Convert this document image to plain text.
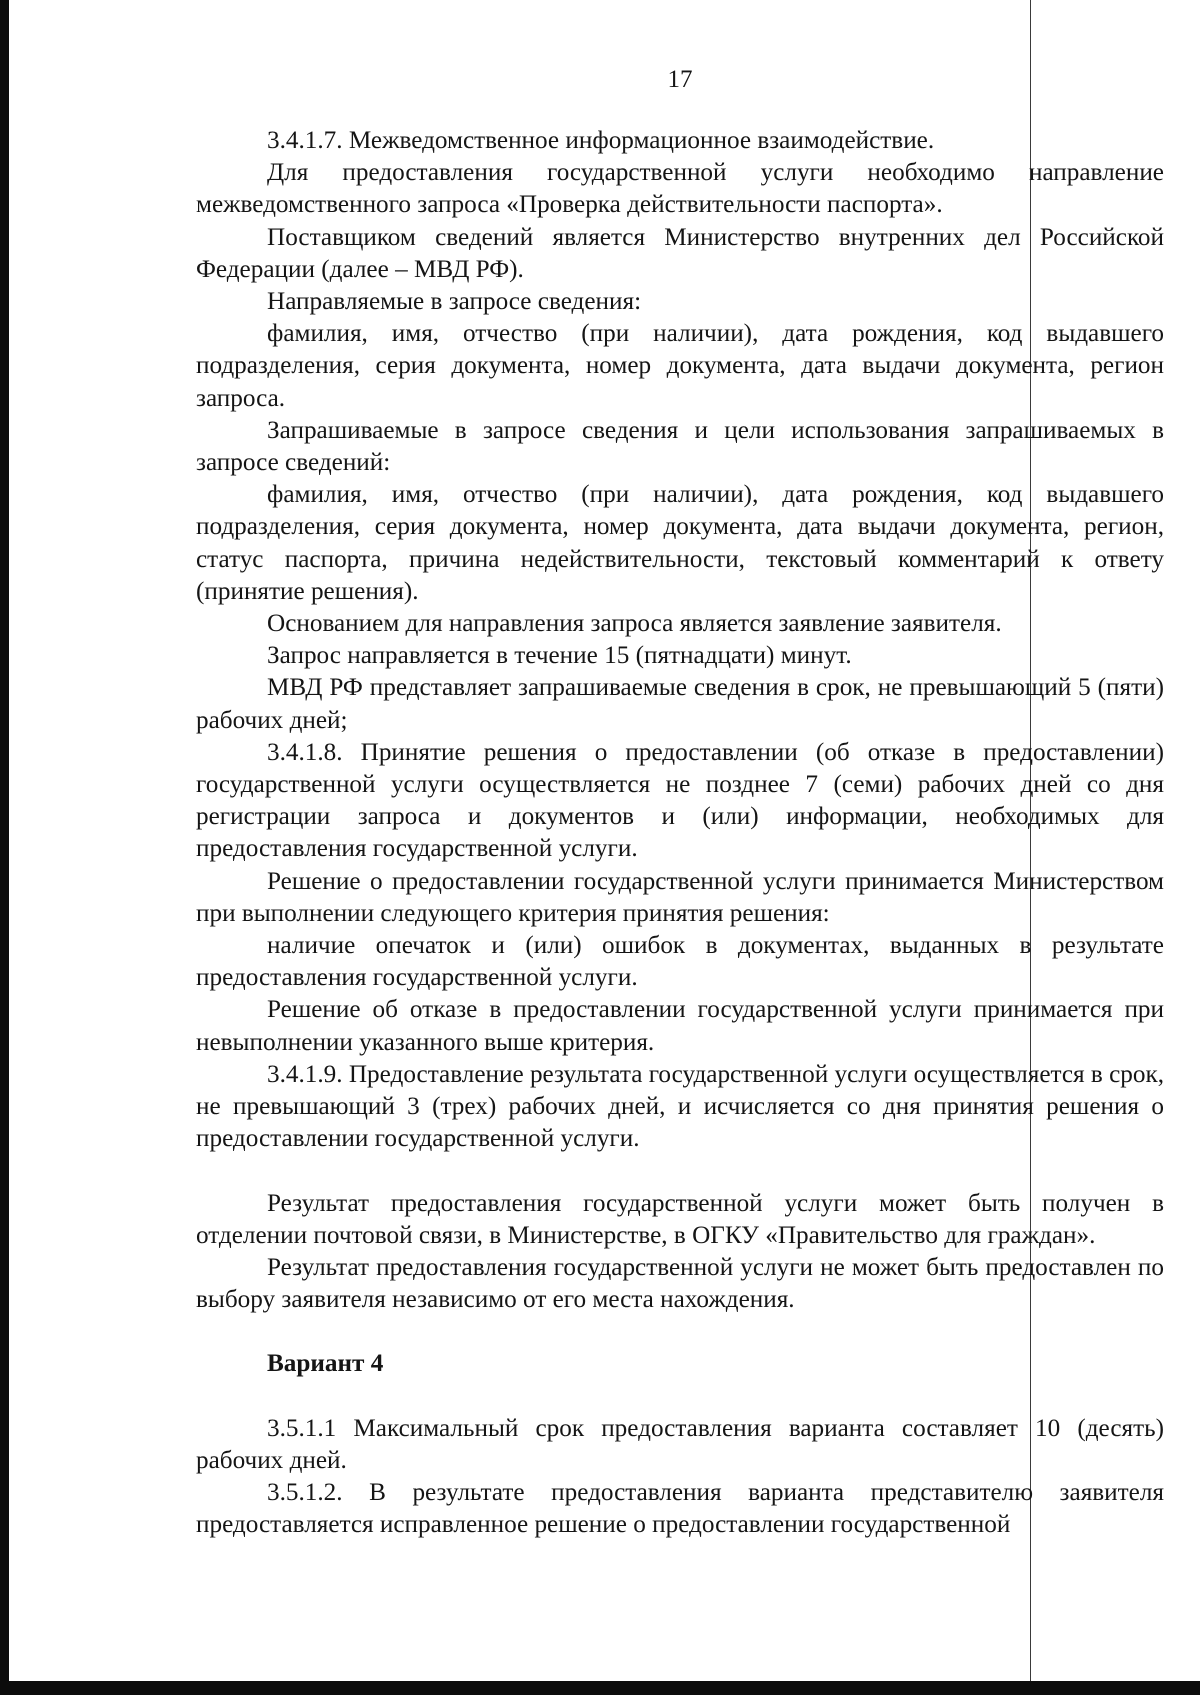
17

3.4.1.7. Межведомственное информационное взаимодействие.

Для предоставления государственной услуги необходимо направление межведомственного запроса «Проверка действительности паспорта».

Поставщиком сведений является Министерство внутренних дел Российской Федерации (далее – МВД РФ).

Направляемые в запросе сведения:

фамилия, имя, отчество (при наличии), дата рождения, код выдавшего подразделения, серия документа, номер документа, дата выдачи документа, регион запроса.

Запрашиваемые в запросе сведения и цели использования запрашиваемых в запросе сведений:

фамилия, имя, отчество (при наличии), дата рождения, код выдавшего подразделения, серия документа, номер документа, дата выдачи документа, регион, статус паспорта, причина недействительности, текстовый комментарий к ответу (принятие решения).

Основанием для направления запроса является заявление заявителя.

Запрос направляется в течение 15 (пятнадцати) минут.

МВД РФ представляет запрашиваемые сведения в срок, не превышающий 5 (пяти) рабочих дней;

3.4.1.8. Принятие решения о предоставлении (об отказе в предоставлении) государственной услуги осуществляется не позднее 7 (семи) рабочих дней со дня регистрации запроса и документов и (или) информации, необходимых для предоставления государственной услуги.

Решение о предоставлении государственной услуги принимается Министерством при выполнении следующего критерия принятия решения:

наличие опечаток и (или) ошибок в документах, выданных в результате предоставления государственной услуги.

Решение об отказе в предоставлении государственной услуги принимается при невыполнении указанного выше критерия.

3.4.1.9. Предоставление результата государственной услуги осуществляется в срок, не превышающий 3 (трех) рабочих дней, и исчисляется со дня принятия решения о предоставлении государственной услуги.

Результат предоставления государственной услуги может быть получен в отделении почтовой связи, в Министерстве, в ОГКУ «Правительство для граждан».

Результат предоставления государственной услуги не может быть предоставлен по выбору заявителя независимо от его места нахождения.

Вариант 4

3.5.1.1 Максимальный срок предоставления варианта составляет 10 (десять) рабочих дней.

3.5.1.2. В результате предоставления варианта представителю заявителя предоставляется исправленное решение о предоставлении государственной
